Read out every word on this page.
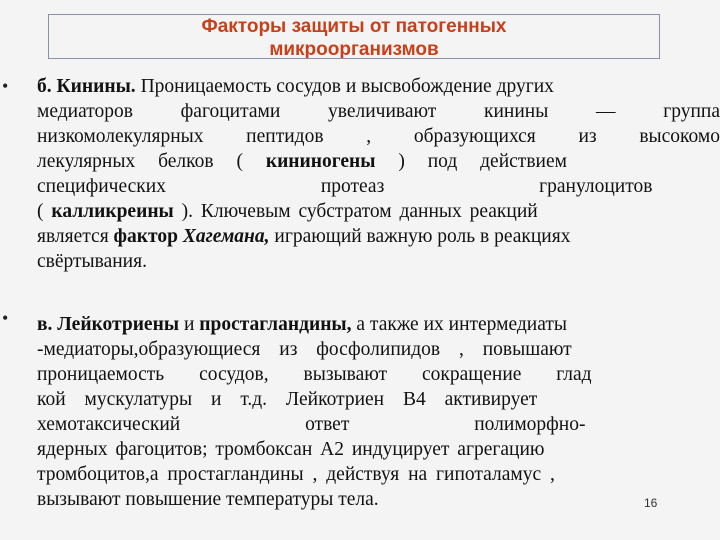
Факторы защиты от патогенных
микроорганизмов
•
•
б. Кинины. Проницаемость сосудов и высвобождение других
медиаторов фагоцитами увеличивают кинины — группа
низкомолекулярных пептидов , образующихся из высокомо
лекулярных белков ( кининогены ) под действием
специфических протеаз гранулоцитов
( калликреины ). Ключевым субстратом данных реакций
является фактор Хагемана, играющий важную роль в реакциях
свёртывания.
в. Лейкотриены и простагландины, а также их интермедиаты
-медиаторы,образующиеся из фосфолипидов , повышают
проницаемость сосудов, вызывают сокращение глад
кой мускулатуры и т.д. Лейкотриен В4 активирует
хемотаксический ответ полиморфно-
ядерных фагоцитов; тромбоксан А2 индуцирует агрегацию
тромбоцитов,а простагландины , действуя на гипоталамус ,
вызывают повышение температуры тела.	16
